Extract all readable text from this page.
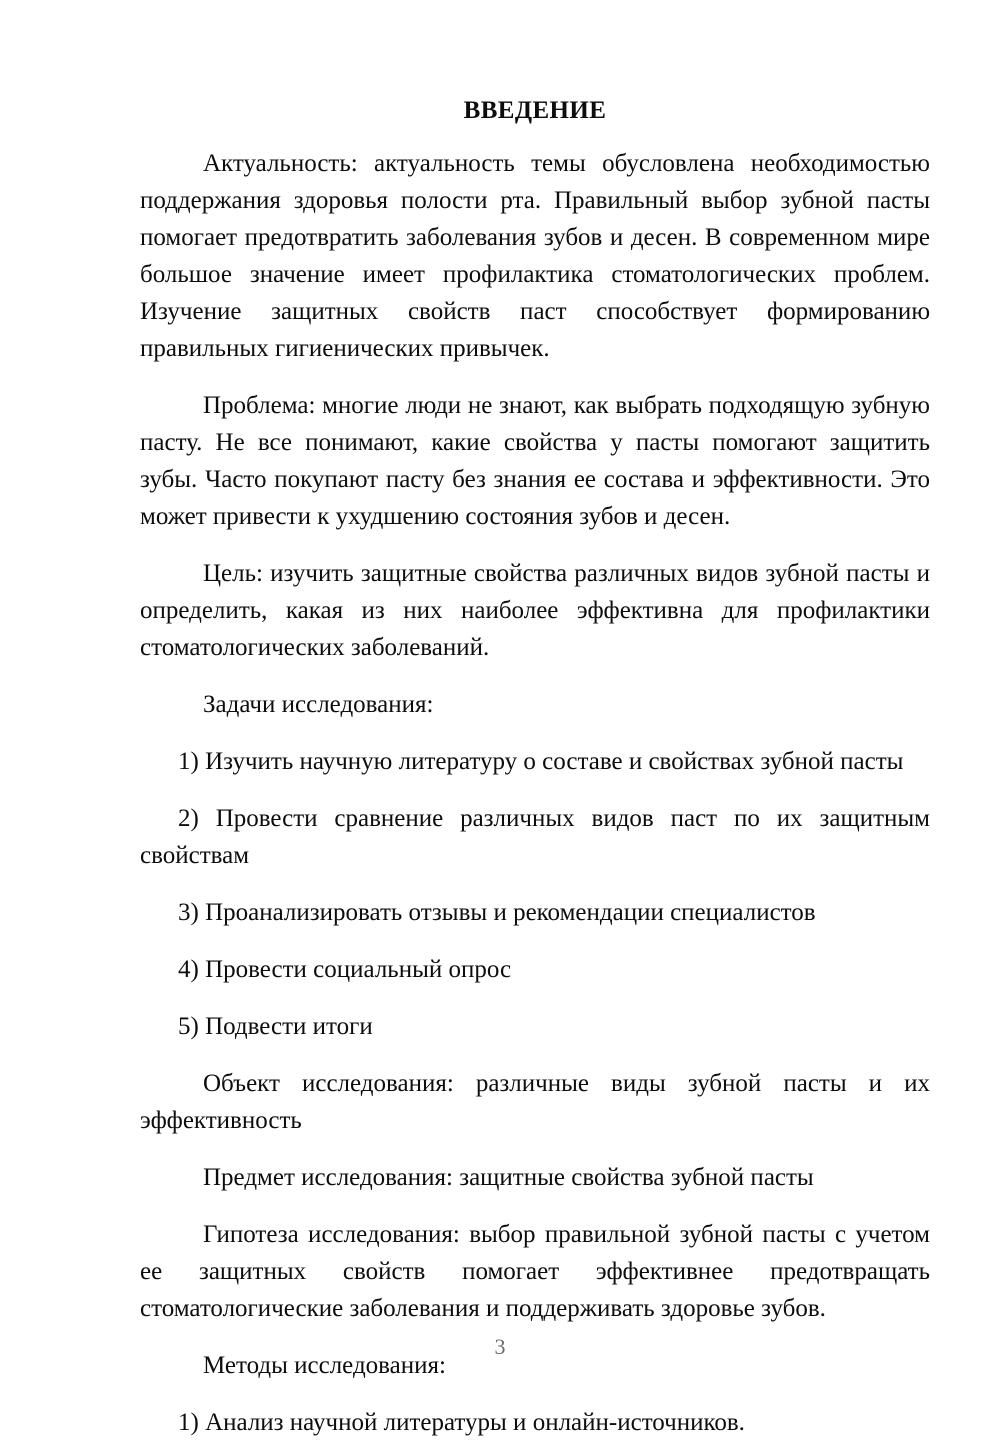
ВВЕДЕНИЕ

Актуальность: актуальность темы обусловлена необходимостью поддержания здоровья полости рта. Правильный выбор зубной пасты помогает предотвратить заболевания зубов и десен. В современном мире большое значение имеет профилактика стоматологических проблем. Изучение защитных свойств паст способствует формированию правильных гигиенических привычек.

Проблема: многие люди не знают, как выбрать подходящую зубную пасту. Не все понимают, какие свойства у пасты помогают защитить зубы. Часто покупают пасту без знания ее состава и эффективности. Это может привести к ухудшению состояния зубов и десен.

Цель: изучить защитные свойства различных видов зубной пасты и определить, какая из них наиболее эффективна для профилактики стоматологических заболеваний.

Задачи исследования:

1) Изучить научную литературу о составе и свойствах зубной пасты

2) Провести сравнение различных видов паст по их защитным свойствам

3) Проанализировать отзывы и рекомендации специалистов

4) Провести социальный опрос

5) Подвести итоги

Объект исследования: различные виды зубной пасты и их эффективность

Предмет исследования: защитные свойства зубной пасты

Гипотеза исследования: выбор правильной зубной пасты с учетом ее защитных свойств помогает эффективнее предотвращать стоматологические заболевания и поддерживать здоровье зубов.

Методы исследования:

1) Анализ научной литературы и онлайн-источников.

3
